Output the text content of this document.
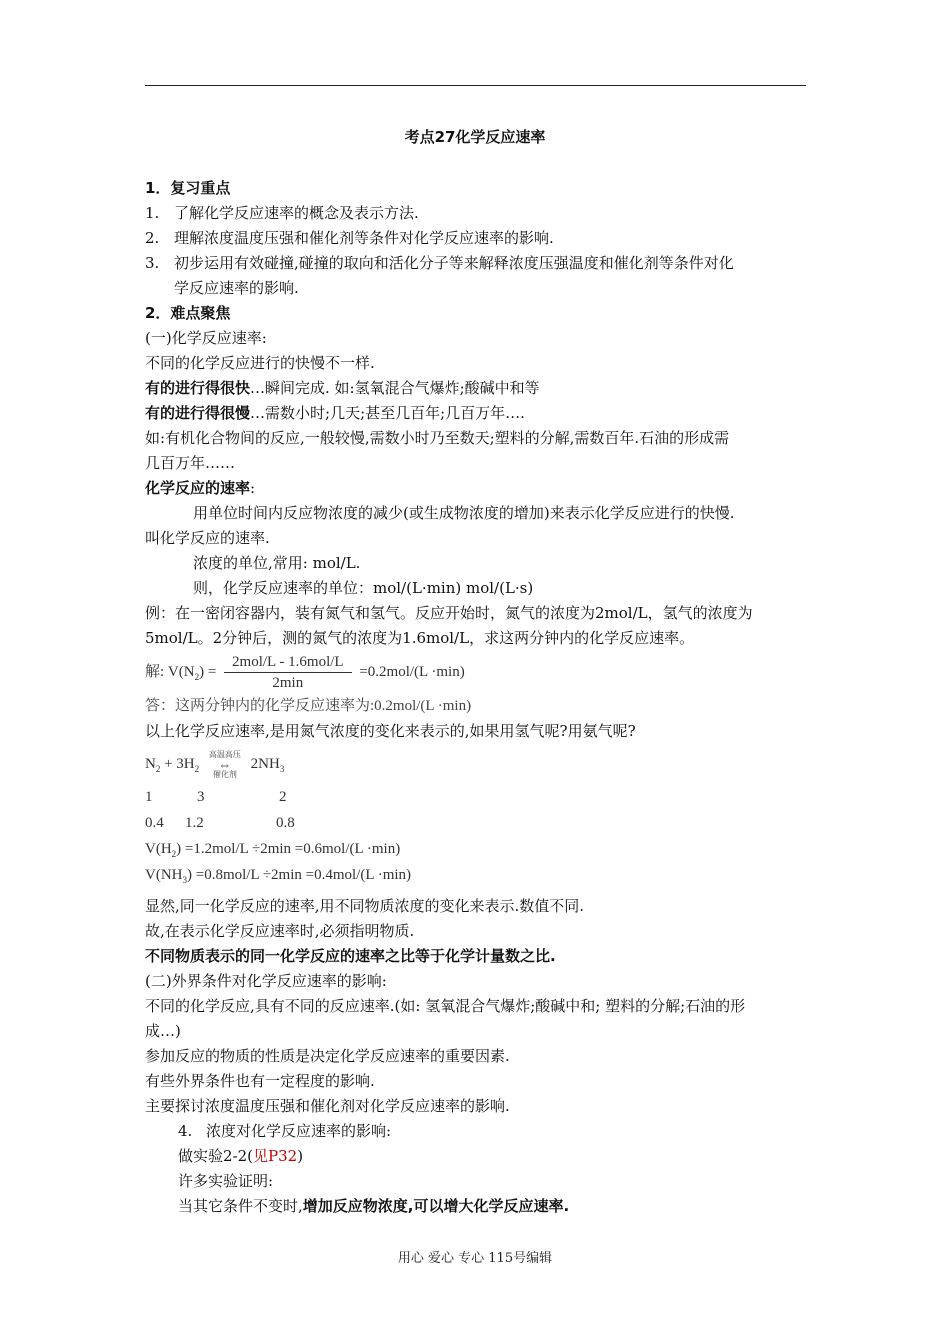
考点27化学反应速率
1．复习重点
1. 了解化学反应速率的概念及表示方法.
2. 理解浓度温度压强和催化剂等条件对化学反应速率的影响.
3. 初步运用有效碰撞,碰撞的取向和活化分子等来解释浓度压强温度和催化剂等条件对化
学反应速率的影响.
2．难点聚焦
(一)化学反应速率:
不同的化学反应进行的快慢不一样.
有的进行得很快…瞬间完成. 如:氢氧混合气爆炸;酸碱中和等
有的进行得很慢…需数小时;几天;甚至几百年;几百万年….
如:有机化合物间的反应,一般较慢,需数小时乃至数天;塑料的分解,需数百年.石油的形成需
几百万年……
化学反应的速率:
用单位时间内反应物浓度的减少(或生成物浓度的增加)来表示化学反应进行的快慢.
叫化学反应的速率.
浓度的单位,常用: mol/L.
则，化学反应速率的单位：mol/(L·min) mol/(L·s)
例：在一密闭容器内，装有氮气和氢气。反应开始时，氮气的浓度为2mol/L，氢气的浓度为
5mol/L。2分钟后，测的氮气的浓度为1.6mol/L，求这两分钟内的化学反应速率。
解: $V(N_2) = \frac{\text{2mol/L - 1.6mol/L}}{2\min} =0.2mol/(L \cdot\min)$
答：这两分钟内的化学反应速率为:0.2mol/(L ·min)
以上化学反应速率,是用氮气浓度的变化来表示的,如果用氢气呢?用氨气呢?
$N_2 + 3H_2$ 高温高压
⇔
催化剂 $2NH_3$
1	3	2
0.4 1.2	0.8
$V(H_2) =1.2mol/L \div 2\min =0.6mol/(L \cdot\min)$
$V(NH_3) =0.8mol/L \div 2\min =0.4mol/(L \cdot\min)$
显然,同一化学反应的速率,用不同物质浓度的变化来表示.数值不同.
故,在表示化学反应速率时,必须指明物质.
不同物质表示的同一化学反应的速率之比等于化学计量数之比.
(二)外界条件对化学反应速率的影响:
不同的化学反应,具有不同的反应速率.(如: 氢氧混合气爆炸;酸碱中和; 塑料的分解;石油的形
成…)
参加反应的物质的性质是决定化学反应速率的重要因素.
有些外界条件也有一定程度的影响.
主要探讨浓度温度压强和催化剂对化学反应速率的影响.
4. 浓度对化学反应速率的影响:
做实验2-2(见P32)
许多实验证明:
当其它条件不变时,增加反应物浓度,可以增大化学反应速率.
用心 爱心 专心 115号编辑
